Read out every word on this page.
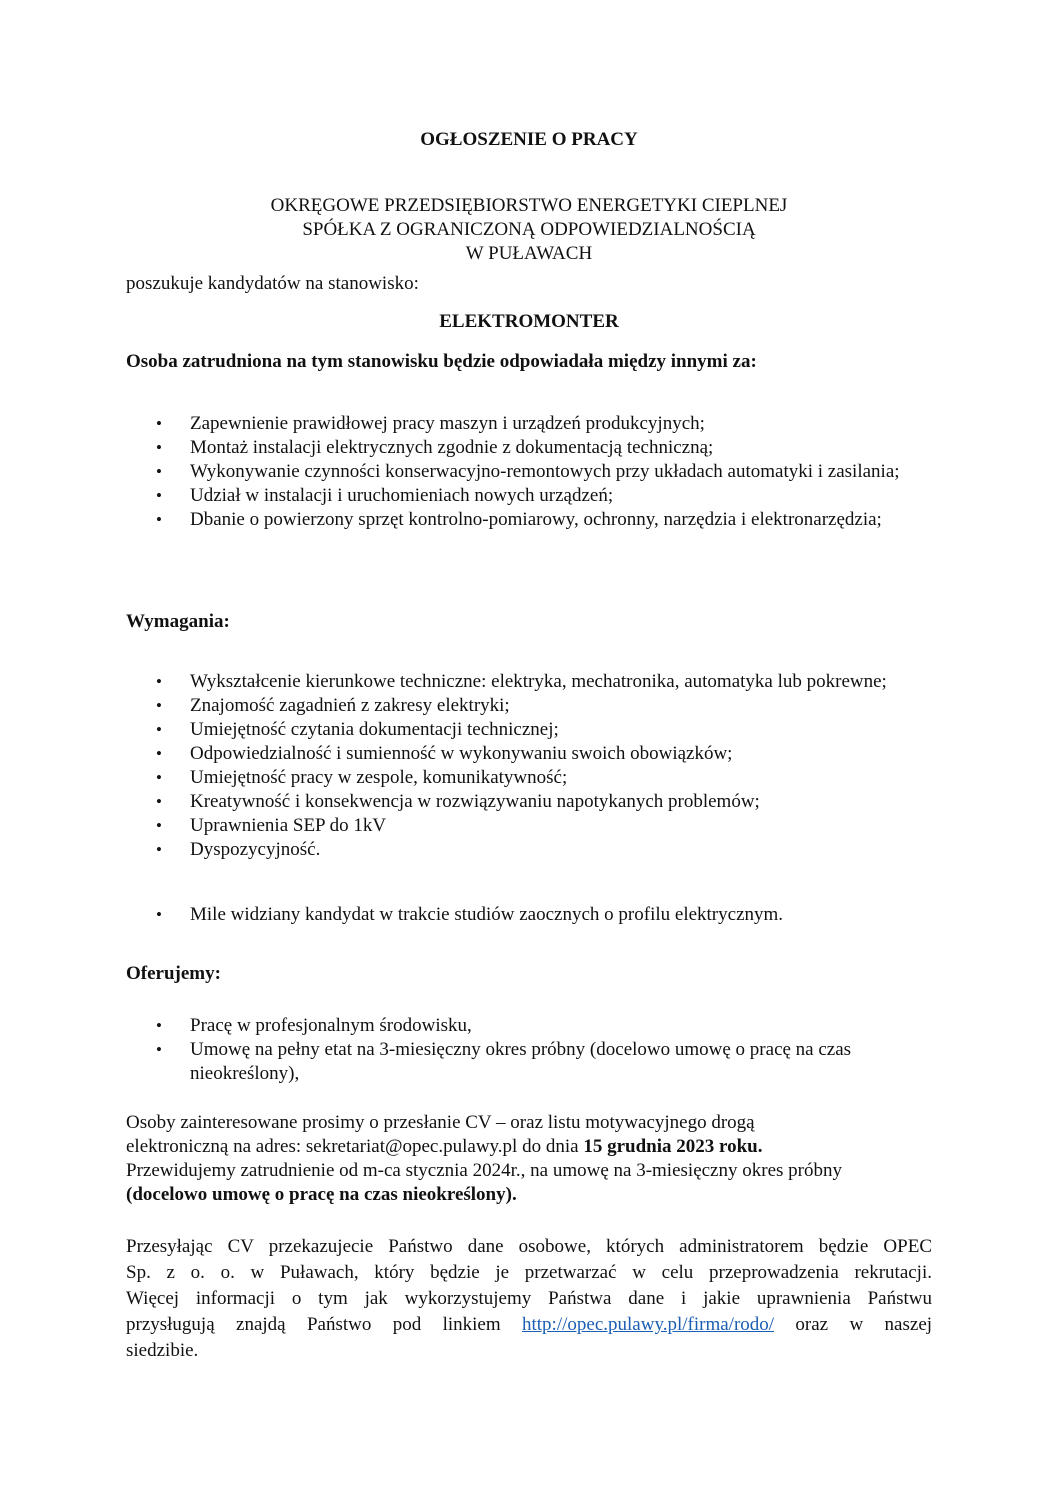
OGŁOSZENIE O PRACY
OKRĘGOWE PRZEDSIĘBIORSTWO ENERGETYKI CIEPLNEJ
SPÓŁKA Z OGRANICZONĄ ODPOWIEDZIALNOŚCIĄ
W PUŁAWACH
poszukuje kandydatów na stanowisko:
ELEKTROMONTER
Osoba zatrudniona na tym stanowisku będzie odpowiadała między innymi za:
• Zapewnienie prawidłowej pracy maszyn i urządzeń produkcyjnych;
• Montaż instalacji elektrycznych zgodnie z dokumentacją techniczną;
• Wykonywanie czynności konserwacyjno-remontowych przy układach automatyki i zasilania;
• Udział w instalacji i uruchomieniach nowych urządzeń;
• Dbanie o powierzony sprzęt kontrolno-pomiarowy, ochronny, narzędzia i elektronarzędzia;
Wymagania:
• Wykształcenie kierunkowe techniczne: elektryka, mechatronika, automatyka lub pokrewne;
• Znajomość zagadnień z zakresy elektryki;
• Umiejętność czytania dokumentacji technicznej;
• Odpowiedzialność i sumienność w wykonywaniu swoich obowiązków;
• Umiejętność pracy w zespole, komunikatywność;
• Kreatywność i konsekwencja w rozwiązywaniu napotykanych problemów;
• Uprawnienia SEP do 1kV
• Dyspozycyjność.
• Mile widziany kandydat w trakcie studiów zaocznych o profilu elektrycznym.
Oferujemy:
• Pracę w profesjonalnym środowisku,
• Umowę na pełny etat na 3-miesięczny okres próbny (docelowo umowę o pracę na czas nieokreślony),
Osoby zainteresowane prosimy o przesłanie CV – oraz listu motywacyjnego drogą
elektroniczną na adres: sekretariat@opec.pulawy.pl do dnia 15 grudnia 2023 roku.
Przewidujemy zatrudnienie od m-ca stycznia 2024r., na umowę na 3-miesięczny okres próbny
(docelowo umowę o pracę na czas nieokreślony).
Przesyłając CV przekazujecie Państwo dane osobowe, których administratorem będzie OPEC
Sp. z o. o. w Puławach, który będzie je przetwarzać w celu przeprowadzenia rekrutacji.
Więcej informacji o tym jak wykorzystujemy Państwa dane i jakie uprawnienia Państwu
przysługują znajdą Państwo pod linkiem http://opec.pulawy.pl/firma/rodo/ oraz w naszej
siedzibie.
